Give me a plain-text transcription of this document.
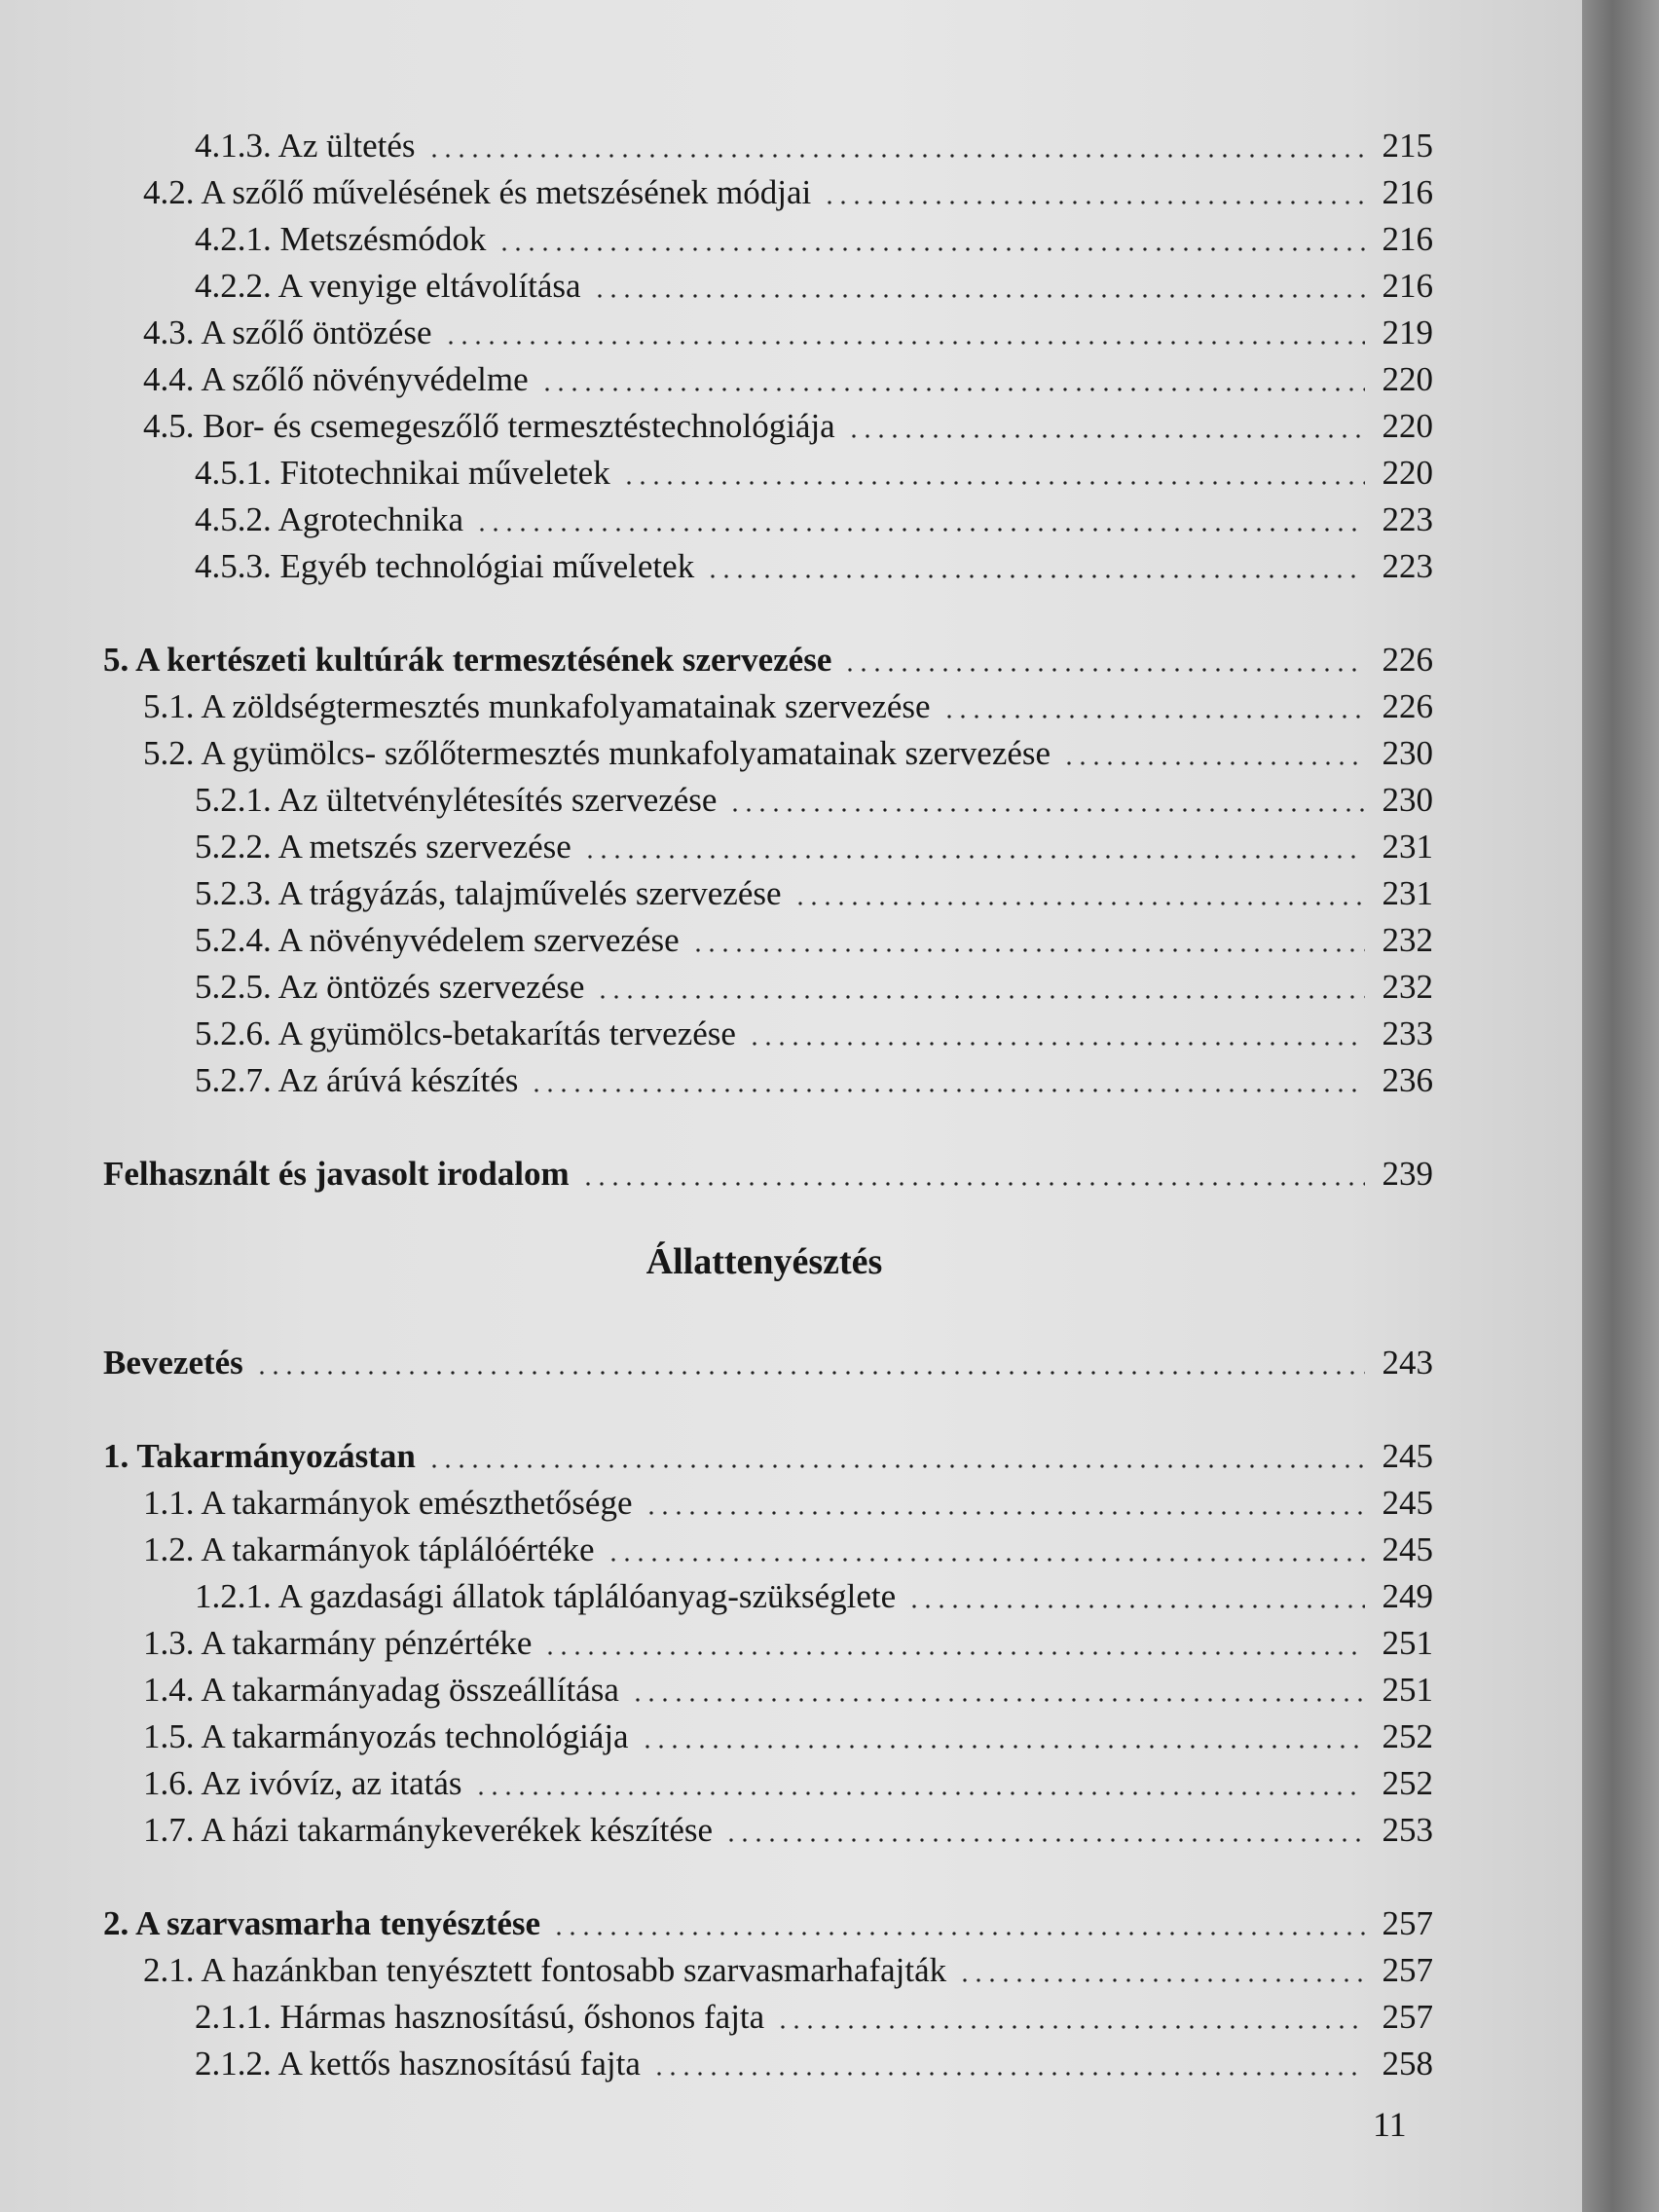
4.1.3. Az ültetés	215
4.2. A szőlő művelésének és metszésének módjai	216
4.2.1. Metszésmódok	216
4.2.2. A venyige eltávolítása	216
4.3. A szőlő öntözése	219
4.4. A szőlő növényvédelme	220
4.5. Bor- és csemegeszőlő termesztéstechnológiája	220
4.5.1. Fitotechnikai műveletek	220
4.5.2. Agrotechnika	223
4.5.3. Egyéb technológiai műveletek	223
5. A kertészeti kultúrák termesztésének szervezése	226
5.1. A zöldségtermesztés munkafolyamatainak szervezése	226
5.2. A gyümölcs- szőlőtermesztés munkafolyamatainak szervezése	230
5.2.1. Az ültetvénylétesítés szervezése	230
5.2.2. A metszés szervezése	231
5.2.3. A trágyázás, talajművelés szervezése	231
5.2.4. A növényvédelem szervezése	232
5.2.5. Az öntözés szervezése	232
5.2.6. A gyümölcs-betakarítás tervezése	233
5.2.7. Az árúvá készítés	236
Felhasznált és javasolt irodalom	239
Bevezetés	243
1. Takarmányozástan	245
1.1. A takarmányok emészthetősége	245
1.2. A takarmányok táplálóértéke	245
1.2.1. A gazdasági állatok táplálóanyag-szükséglete	249
1.3. A takarmány pénzértéke	251
1.4. A takarmányadag összeállítása	251
1.5. A takarmányozás technológiája	252
1.6. Az ivóvíz, az itatás	252
1.7. A házi takarmánykeverékek készítése	253
2. A szarvasmarha tenyésztése	257
2.1. A hazánkban tenyésztett fontosabb szarvasmarhafajták	257
2.1.1. Hármas hasznosítású, őshonos fajta	257
2.1.2. A kettős hasznosítású fajta	258
Állattenyésztés
11
